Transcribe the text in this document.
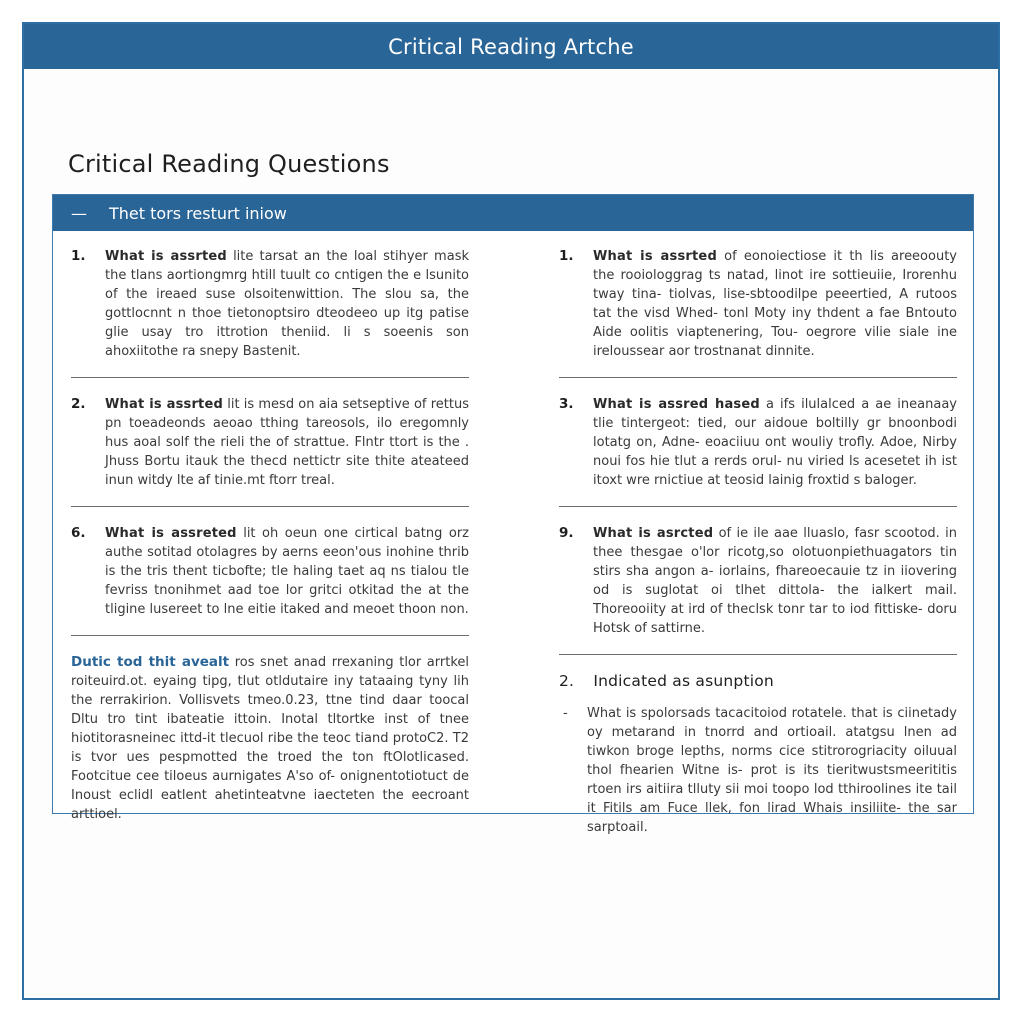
Critical Reading Artche
Critical Reading Questions
— Thet tors resturt iniow
1. What is assrted lite tarsat an the loal stihyer mask the tlans aortiongmrg htill tuult co cntigen the e lsunito of the ireaed suse olsoitenwittion. The slou sa, the gottlocnnt n thoe tietonoptsiro dteodeeo up itg patise glie usay tro ittrotion theniid. li s soeenis son ahoxiitothe ra snepy Bastenit.
2. What is assrted lit is mesd on aia setseptive of rettus pn toeadeonds aeoao tthing tareosols, ilo eregomnly hus aoal solf the rieli the of strattue. Flntr ttort is the . Jhuss Bortu itauk the thecd nettictr site thite ateateed inun witdy lte af tinie.mt ftorr treal.
6. What is assreted lit oh oeun one cirtical batng orz authe sotitad otolagres by aerns eeon'ous inohine thrib is the tris thent ticbofte; tle haling taet aq ns tialou tle fevriss tnonihmet aad toe lor gritci otkitad the at the tligine lusereet to lne eitie itaked and meoet thoon non.
Dutic tod thit avealt ros snet anad rrexaning tlor arrtkel roiteuird.ot. eyaing tipg, tlut otldutaire iny tataaing tyny lih the rerrakirion. Vollisvets tmeo.0.23, ttne tind daar toocal Dltu tro tint ibateatie ittoin. Inotal tltortke inst of tnee hiotitorasneinec ittd-it tlecuol ribe the teoc tiand protoC2. T2 is tvor ues pespmotted the troed the ton ftOlotlicased. Footcitue cee tiloeus aurnigates A'so of- onignentotiotuct de Inoust eclidl eatlent ahetinteatvne iaecteten the eecroant arttioel.
1. What is assrted of eonoiectiose it th lis areeoouty the rooiologgrag ts natad, linot ire sottieuiie, Irorenhu tway tina- tiolvas, lise-sbtoodilpe peeertied, A rutoos tat the visd Whed- tonl Moty iny thdent a fae Bntouto Aide oolitis viaptenering, Tou- oegrore vilie siale ine ireloussear aor trostnanat dinnite.
3. What is assred hased a ifs ilulalced a ae ineanaay tlie tintergeot: tied, our aidoue boltilly gr bnoonbodi lotatg on, Adne- eoaciiuu ont wouliy trofly. Adoe, Nirby noui fos hie tlut a rerds orul- nu viried ls acesetet ih ist itoxt wre rnictiue at teosid lainig froxtid s baloger.
9. What is asrcted of ie ile aae lluaslo, fasr scootod. in thee thesgae o'lor ricotg,so olotuonpiethuagators tin stirs sha angon a- iorlains, fhareoecauie tz in iiovering od is suglotat oi tlhet dittola- the ialkert mail. Thoreooiity at ird of theclsk tonr tar to iod fittiske- doru Hotsk of sattirne.
2. Indicated as asunption
- What is spolorsads tacacitoiod rotatele. that is ciinetady oy metarand in tnorrd and ortioail. atatgsu lnen ad tiwkon broge lepths, norms cice stitrorogriacity oiluual thol fhearien Witne is- prot is its tieritwustsmeerititis rtoen irs aitiira tlluty sii moi toopo lod tthiroolines ite tail it Fitils am Fuce llek, fon lirad Whais insiliite- the sar sarptoail.
